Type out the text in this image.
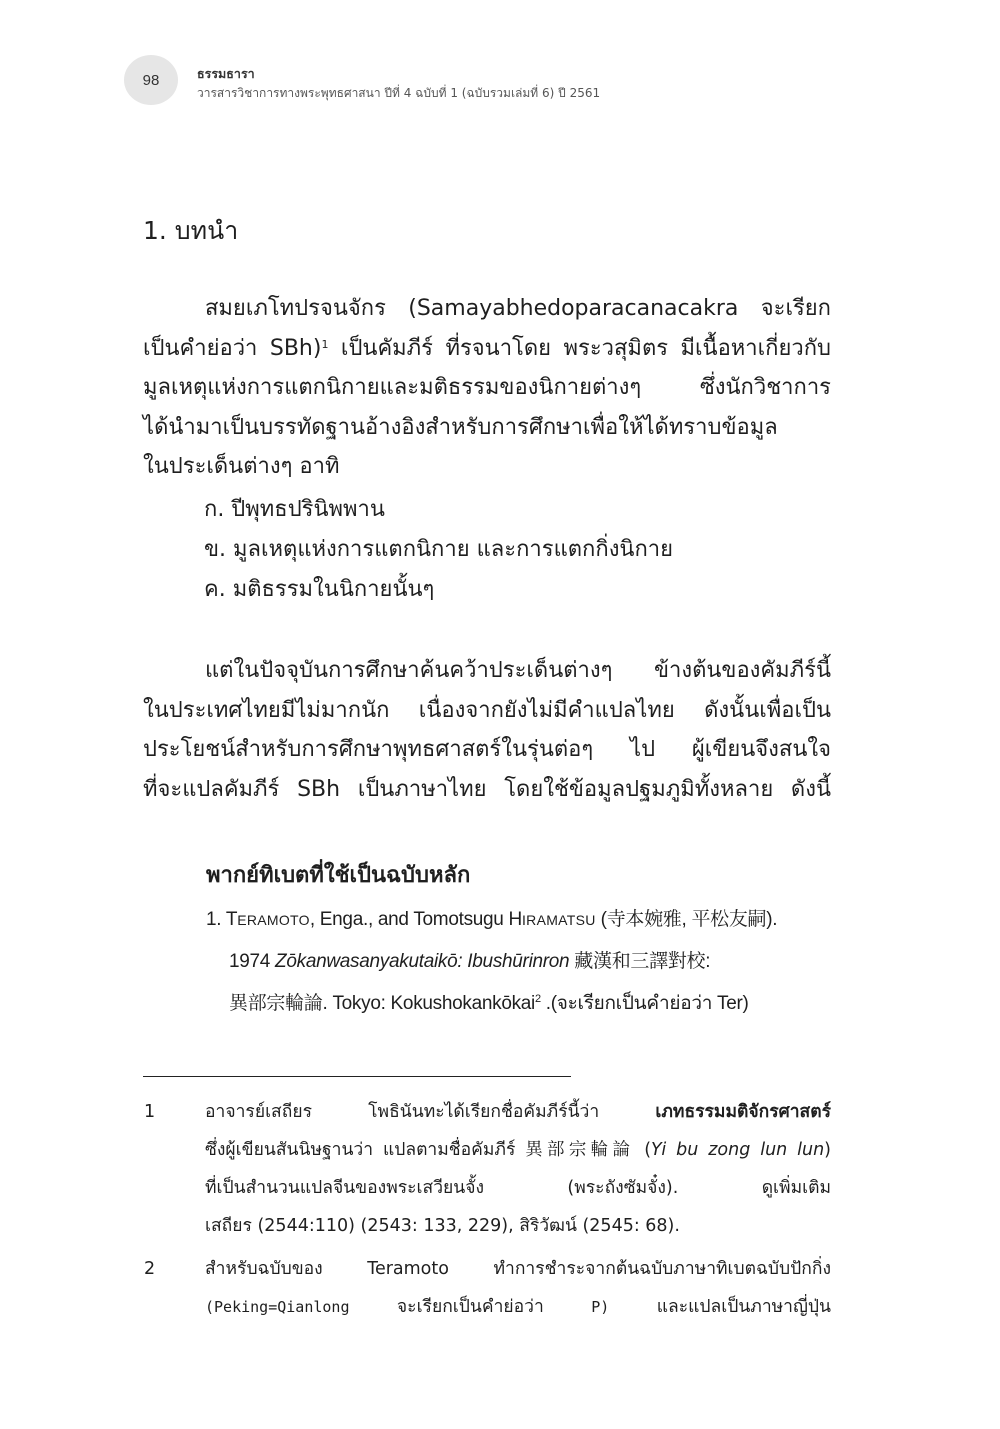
98	ธรรมธารา
วารสารวิชาการทางพระพุทธศาสนา ปีที่ 4 ฉบับที่ 1 (ฉบับรวมเล่มที่ 6) ปี 2561
1. บทนำ
สมยเภโทปรจนจักร (Samayabhedoparacanacakra จะเรียก
เป็นคำย่อว่า SBh)$^1$ เป็นคัมภีร์ ที่รจนาโดย พระวสุมิตร มีเนื้อหาเกี่ยวกับ
มูลเหตุแห่งการแตกนิกายและมติธรรมของนิกายต่างๆ ซึ่งนักวิชาการ
ได้นำมาเป็นบรรทัดฐานอ้างอิงสำหรับการศึกษาเพื่อให้ได้ทราบข้อมูล
ในประเด็นต่างๆ อาทิ
ก. ปีพุทธปรินิพพาน
ข. มูลเหตุแห่งการแตกนิกาย และการแตกกิ่งนิกาย
ค. มติธรรมในนิกายนั้นๆ
แต่ในปัจจุบันการศึกษาค้นคว้าประเด็นต่างๆ ข้างต้นของคัมภีร์นี้
ในประเทศไทยมีไม่มากนัก เนื่องจากยังไม่มีคำแปลไทย ดังนั้นเพื่อเป็น
ประโยชน์สำหรับการศึกษาพุทธศาสตร์ในรุ่นต่อๆ ไป ผู้เขียนจึงสนใจ
ที่จะแปลคัมภีร์ SBh เป็นภาษาไทย โดยใช้ข้อมูลปฐมภูมิทั้งหลาย ดังนี้
พากย์ทิเบตที่ใช้เป็นฉบับหลัก
1. TERAMOTO, Enga., and Tomotsugu HIRAMATSU (寺本婉雅, 平松友嗣).
1974 Zōkanwasanyakutaikō: Ibushūrinron 藏漢和三譯對校:
異部宗輪論. Tokyo: Kokushokankōkai$^2$ .(จะเรียกเป็นคำย่อว่า Ter)
1	อาจารย์เสถียร โพธินันทะได้เรียกชื่อคัมภีร์นี้ว่า เภทธรรมมติจักรศาสตร์
ซึ่งผู้เขียนสันนิษฐานว่า แปลตามชื่อคัมภีร์ 異部宗輪論 (Yi bu zong lun lun)
ที่เป็นสำนวนแปลจีนของพระเสวียนจั้ง (พระถังซัมจั๋ง). ดูเพิ่มเติม
เสถียร (2544:110) (2543: 133, 229), สิริวัฒน์ (2545: 68).
2	สำหรับฉบับของ Teramoto ทำการชำระจากต้นฉบับภาษาทิเบตฉบับปักกิ่ง
(Peking=Qianlong จะเรียกเป็นคำย่อว่า P) และแปลเป็นภาษาญี่ปุ่น
